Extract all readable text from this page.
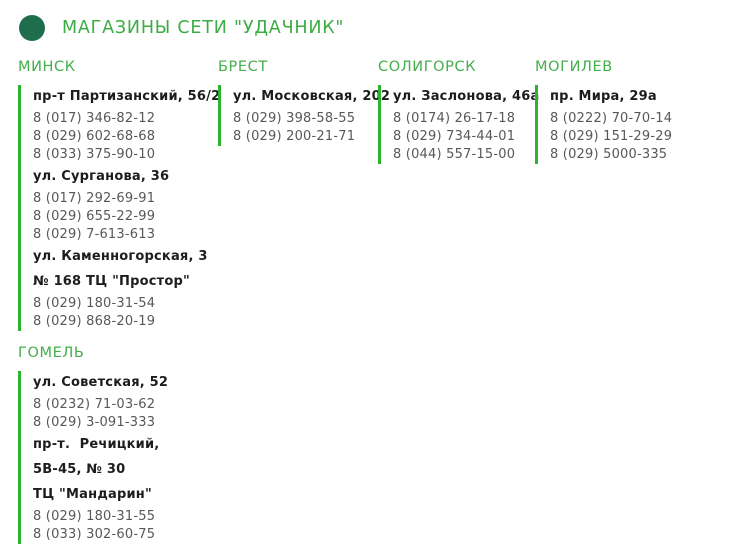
МАГАЗИНЫ СЕТИ "УДАЧНИК"
МИНСК
пр-т Партизанский, 56/2
8 (017) 346-82-12
8 (029) 602-68-68
8 (033) 375-90-10
ул. Сурганова, 36
8 (017) 292-69-91
8 (029) 655-22-99
8 (029) 7-613-613
ул. Каменногорская, 3
№ 168 ТЦ "Простор"
8 (029) 180-31-54
8 (029) 868-20-19
БРЕСТ
ул. Московская, 202
8 (029) 398-58-55
8 (029) 200-21-71
СОЛИГОРСК
ул. Заслонова, 46а
8 (0174) 26-17-18
8 (029) 734-44-01
8 (044) 557-15-00
МОГИЛЕВ
пр. Мира, 29а
8 (0222) 70-70-14
8 (029) 151-29-29
8 (029) 5000-335
ГОМЕЛЬ
ул. Советская, 52
8 (0232) 71-03-62
8 (029) 3-091-333
пр-т.  Речицкий,
5В-45, № 30
ТЦ "Мандарин"
8 (029) 180-31-55
8 (033) 302-60-75
